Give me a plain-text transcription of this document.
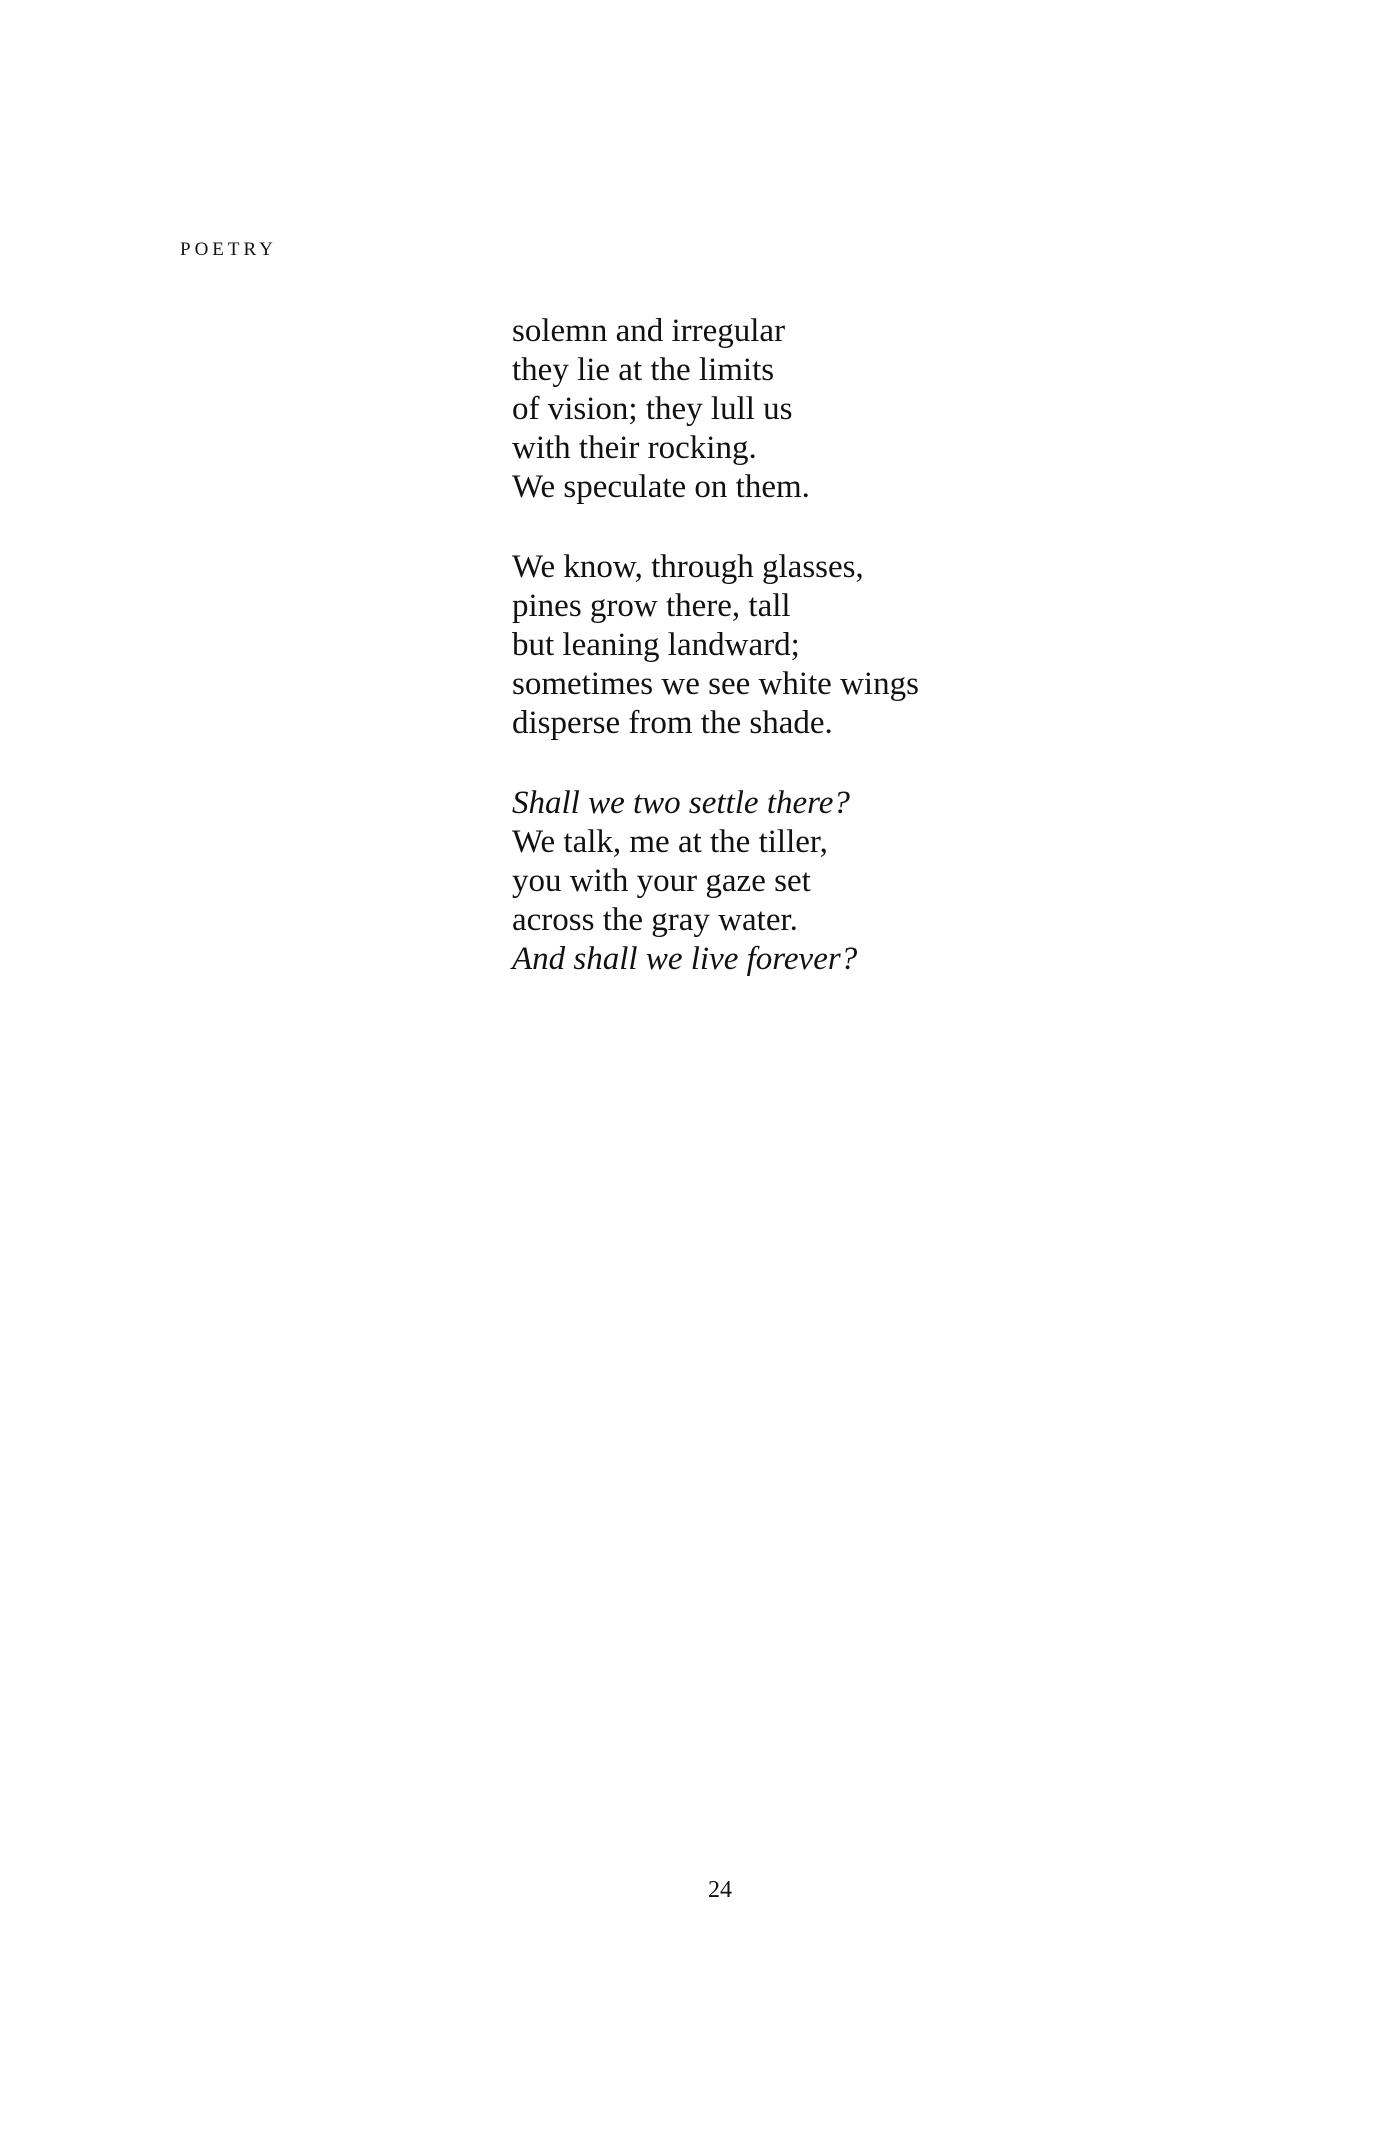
POETRY
solemn and irregular
they lie at the limits
of vision; they lull us
with their rocking.
We speculate on them.
We know, through glasses,
pines grow there, tall
but leaning landward;
sometimes we see white wings
disperse from the shade.
Shall we two settle there?
We talk, me at the tiller,
you with your gaze set
across the gray water.
And shall we live forever?
24
